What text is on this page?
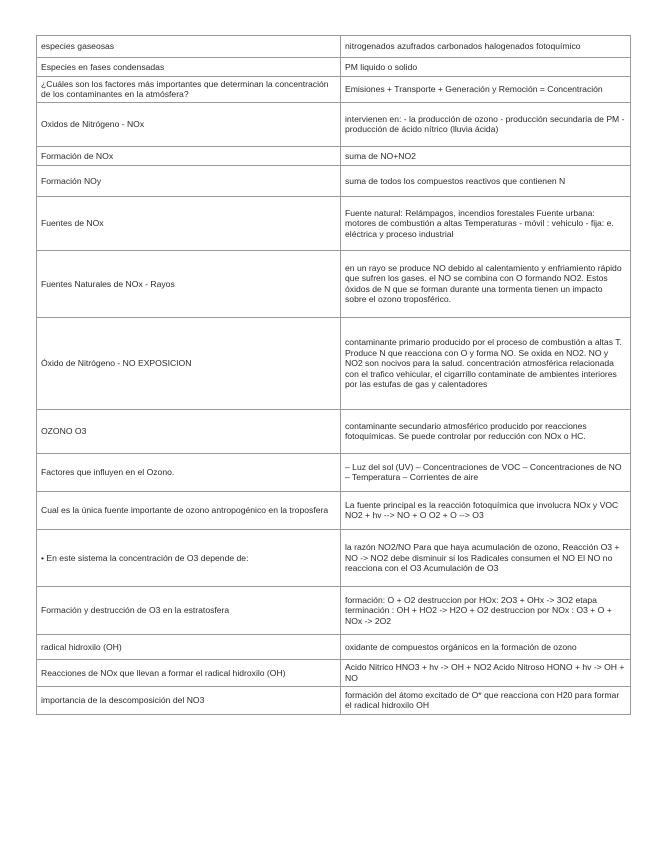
especies gaseosas	nitrogenados azufrados carbonados halogenados fotoquímico
Especies en fases condensadas	PM liquido o solido
¿Cuáles son los factores más importantes que determinan la concentración de los contaminantes en la atmósfera?	Emisiones + Transporte + Generación y Remoción = Concentración
Oxidos de Nitrógeno - NOx	intervienen en: - la producción de ozono - producción secundaria de PM - producción de ácido nítrico (lluvia ácida)
Formación de NOx	suma de NO+NO2
Formación NOy	suma de todos los compuestos reactivos que contienen N
Fuentes de NOx	Fuente natural: Relámpagos, incendios forestales Fuente urbana: motores de combustión a altas Temperaturas - móvil : vehiculo - fija: e. eléctrica y proceso industrial
Fuentes Naturales de NOx - Rayos	en un rayo se produce NO debido al calentamiento y enfriamiento rápido que sufren los gases. el NO se combina con O formando NO2. Estos óxidos de N que se forman durante una tormenta tienen un impacto sobre el ozono troposférico.
Óxido de Nitrógeno - NO EXPOSICION	contaminante primario producido por el proceso de combustión a altas T. Produce N que reacciona con O y forma NO. Se oxida en NO2. NO y NO2 son nocivos para la salud. concentración atmosférica relacionada con el trafico vehicular, el cigarrillo contaminate de ambientes interiores por las estufas de gas y calentadores
OZONO O3	contaminante secundario atmosférico producido por reacciones fotoquímicas. Se puede controlar por reducción con NOx o HC.
Factores que influyen en el Ozono.	– Luz del sol (UV) – Concentraciones de VOC – Concentraciones de NO – Temperatura – Corrientes de aire
Cual es la única fuente importante de ozono antropogénico en la troposfera	La fuente principal es la reacción fotoquímica que involucra NOx y VOC NO2 + hv --> NO + O O2 + O --> O3
• En este sistema la concentración de O3 depende de:	la razón NO2/NO Para que haya acumulación de ozono, Reacción O3 + NO -> NO2 debe disminuir si los Radicales consumen el NO El NO no reacciona con el O3 Acumulación de O3
Formación y destrucción de O3 en la estratosfera	formación: O + O2 destruccion por HOx: 2O3 + OHx -> 3O2 etapa terminación : OH + HO2 -> H2O + O2 destruccion por NOx : O3 + O + NOx -> 2O2
radical hidroxilo (OH)	oxidante de compuestos orgánicos en la formación de ozono
Reacciones de NOx que llevan a formar el radical hidroxilo (OH)	Acido Nitrico HNO3 + hv -> OH + NO2 Acido Nitroso HONO + hv -> OH + NO
importancia de la descomposición del NO3	formación del átomo excitado de O* que reacciona con H20 para formar el radical hidroxilo OH
